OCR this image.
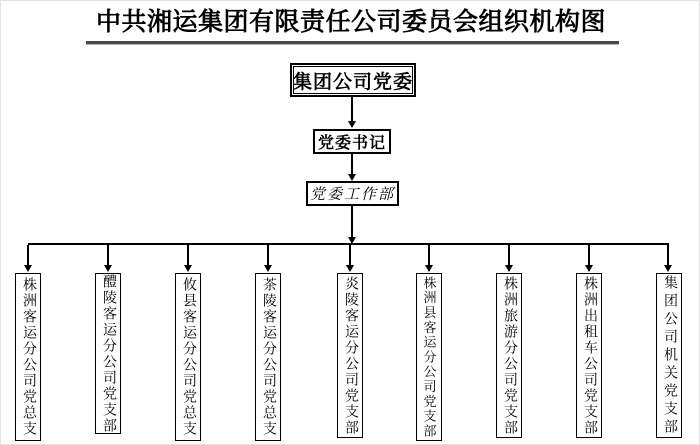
中共湘运集团有限责任公司委员会组织机构图
集团公司党委
党委书记
党委工作部
株洲客运分公司党总支	醴陵客运分公司党支部	攸县客运分公司党总支	茶陵客运分公司党总支	炎陵客运分公司党支部	株洲县客运分公司党支部	株洲旅游分公司党支部	株洲出租车公司党支部	集团公司机关党支部
